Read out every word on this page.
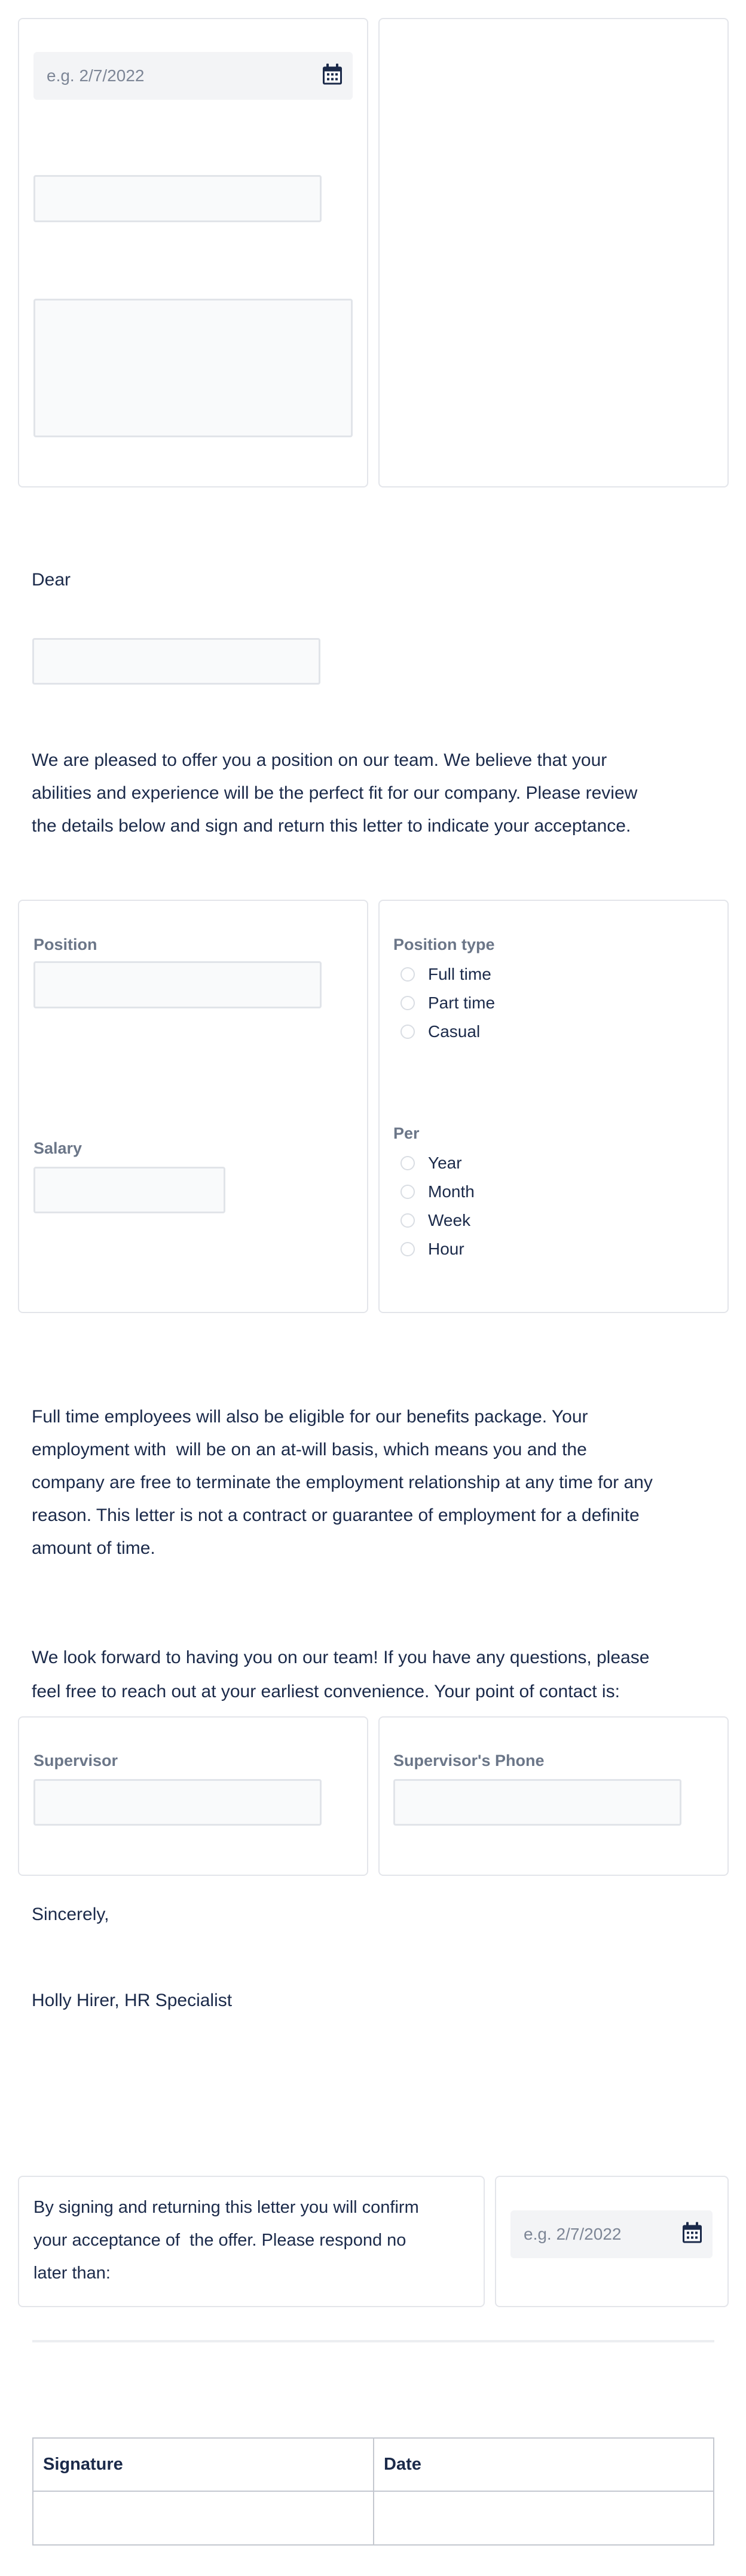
e.g. 2/7/2022
Dear
We are pleased to offer you a position on our team. We believe that your
abilities and experience will be the perfect fit for our company. Please review
the details below and sign and return this letter to indicate your acceptance.
Position
Salary
Position type
Full time
Part time
Casual
Per
Year
Month
Week
Hour
Full time employees will also be eligible for our benefits package. Your
employment with  will be on an at-will basis, which means you and the
company are free to terminate the employment relationship at any time for any
reason. This letter is not a contract or guarantee of employment for a definite
amount of time.
We look forward to having you on our team! If you have any questions, please
feel free to reach out at your earliest convenience. Your point of contact is:
Supervisor	Supervisor's Phone
Sincerely,
Holly Hirer, HR Specialist
By signing and returning this letter you will confirm
your acceptance of  the offer. Please respond no
later than:
e.g. 2/7/2022
Signature	Date
